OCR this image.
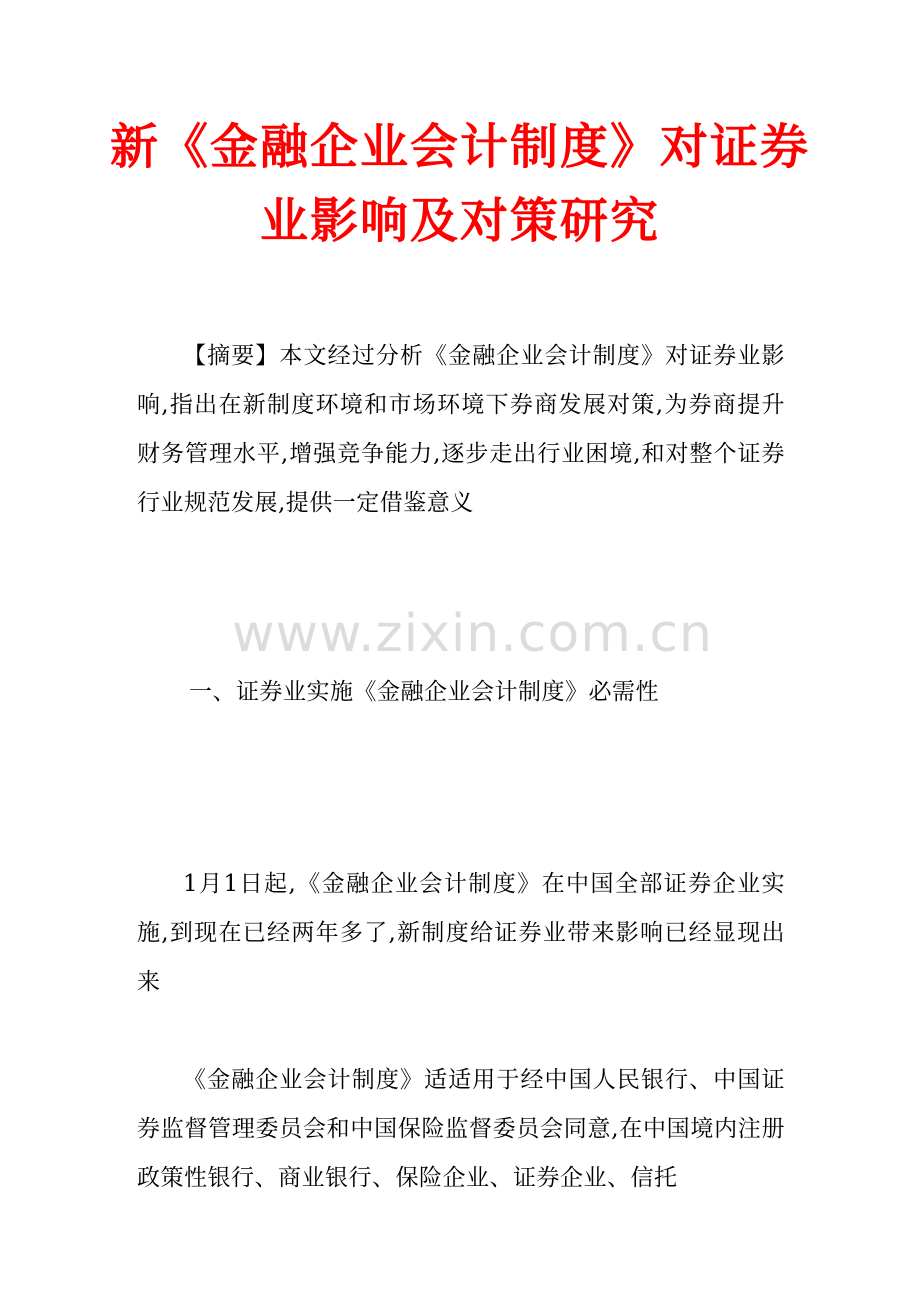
新《金融企业会计制度》对证券业影响及对策研究
【摘要】本文经过分析《金融企业会计制度》对证券业影响,指出在新制度环境和市场环境下券商发展对策,为券商提升财务管理水平,增强竞争能力,逐步走出行业困境,和对整个证券行业规范发展,提供一定借鉴意义
www.zixin.com.cn
一、证券业实施《金融企业会计制度》必需性
1月1日起,《金融企业会计制度》在中国全部证券企业实施,到现在已经两年多了,新制度给证券业带来影响已经显现出来
《金融企业会计制度》适适用于经中国人民银行、中国证券监督管理委员会和中国保险监督委员会同意,在中国境内注册政策性银行、商业银行、保险企业、证券企业、信托
